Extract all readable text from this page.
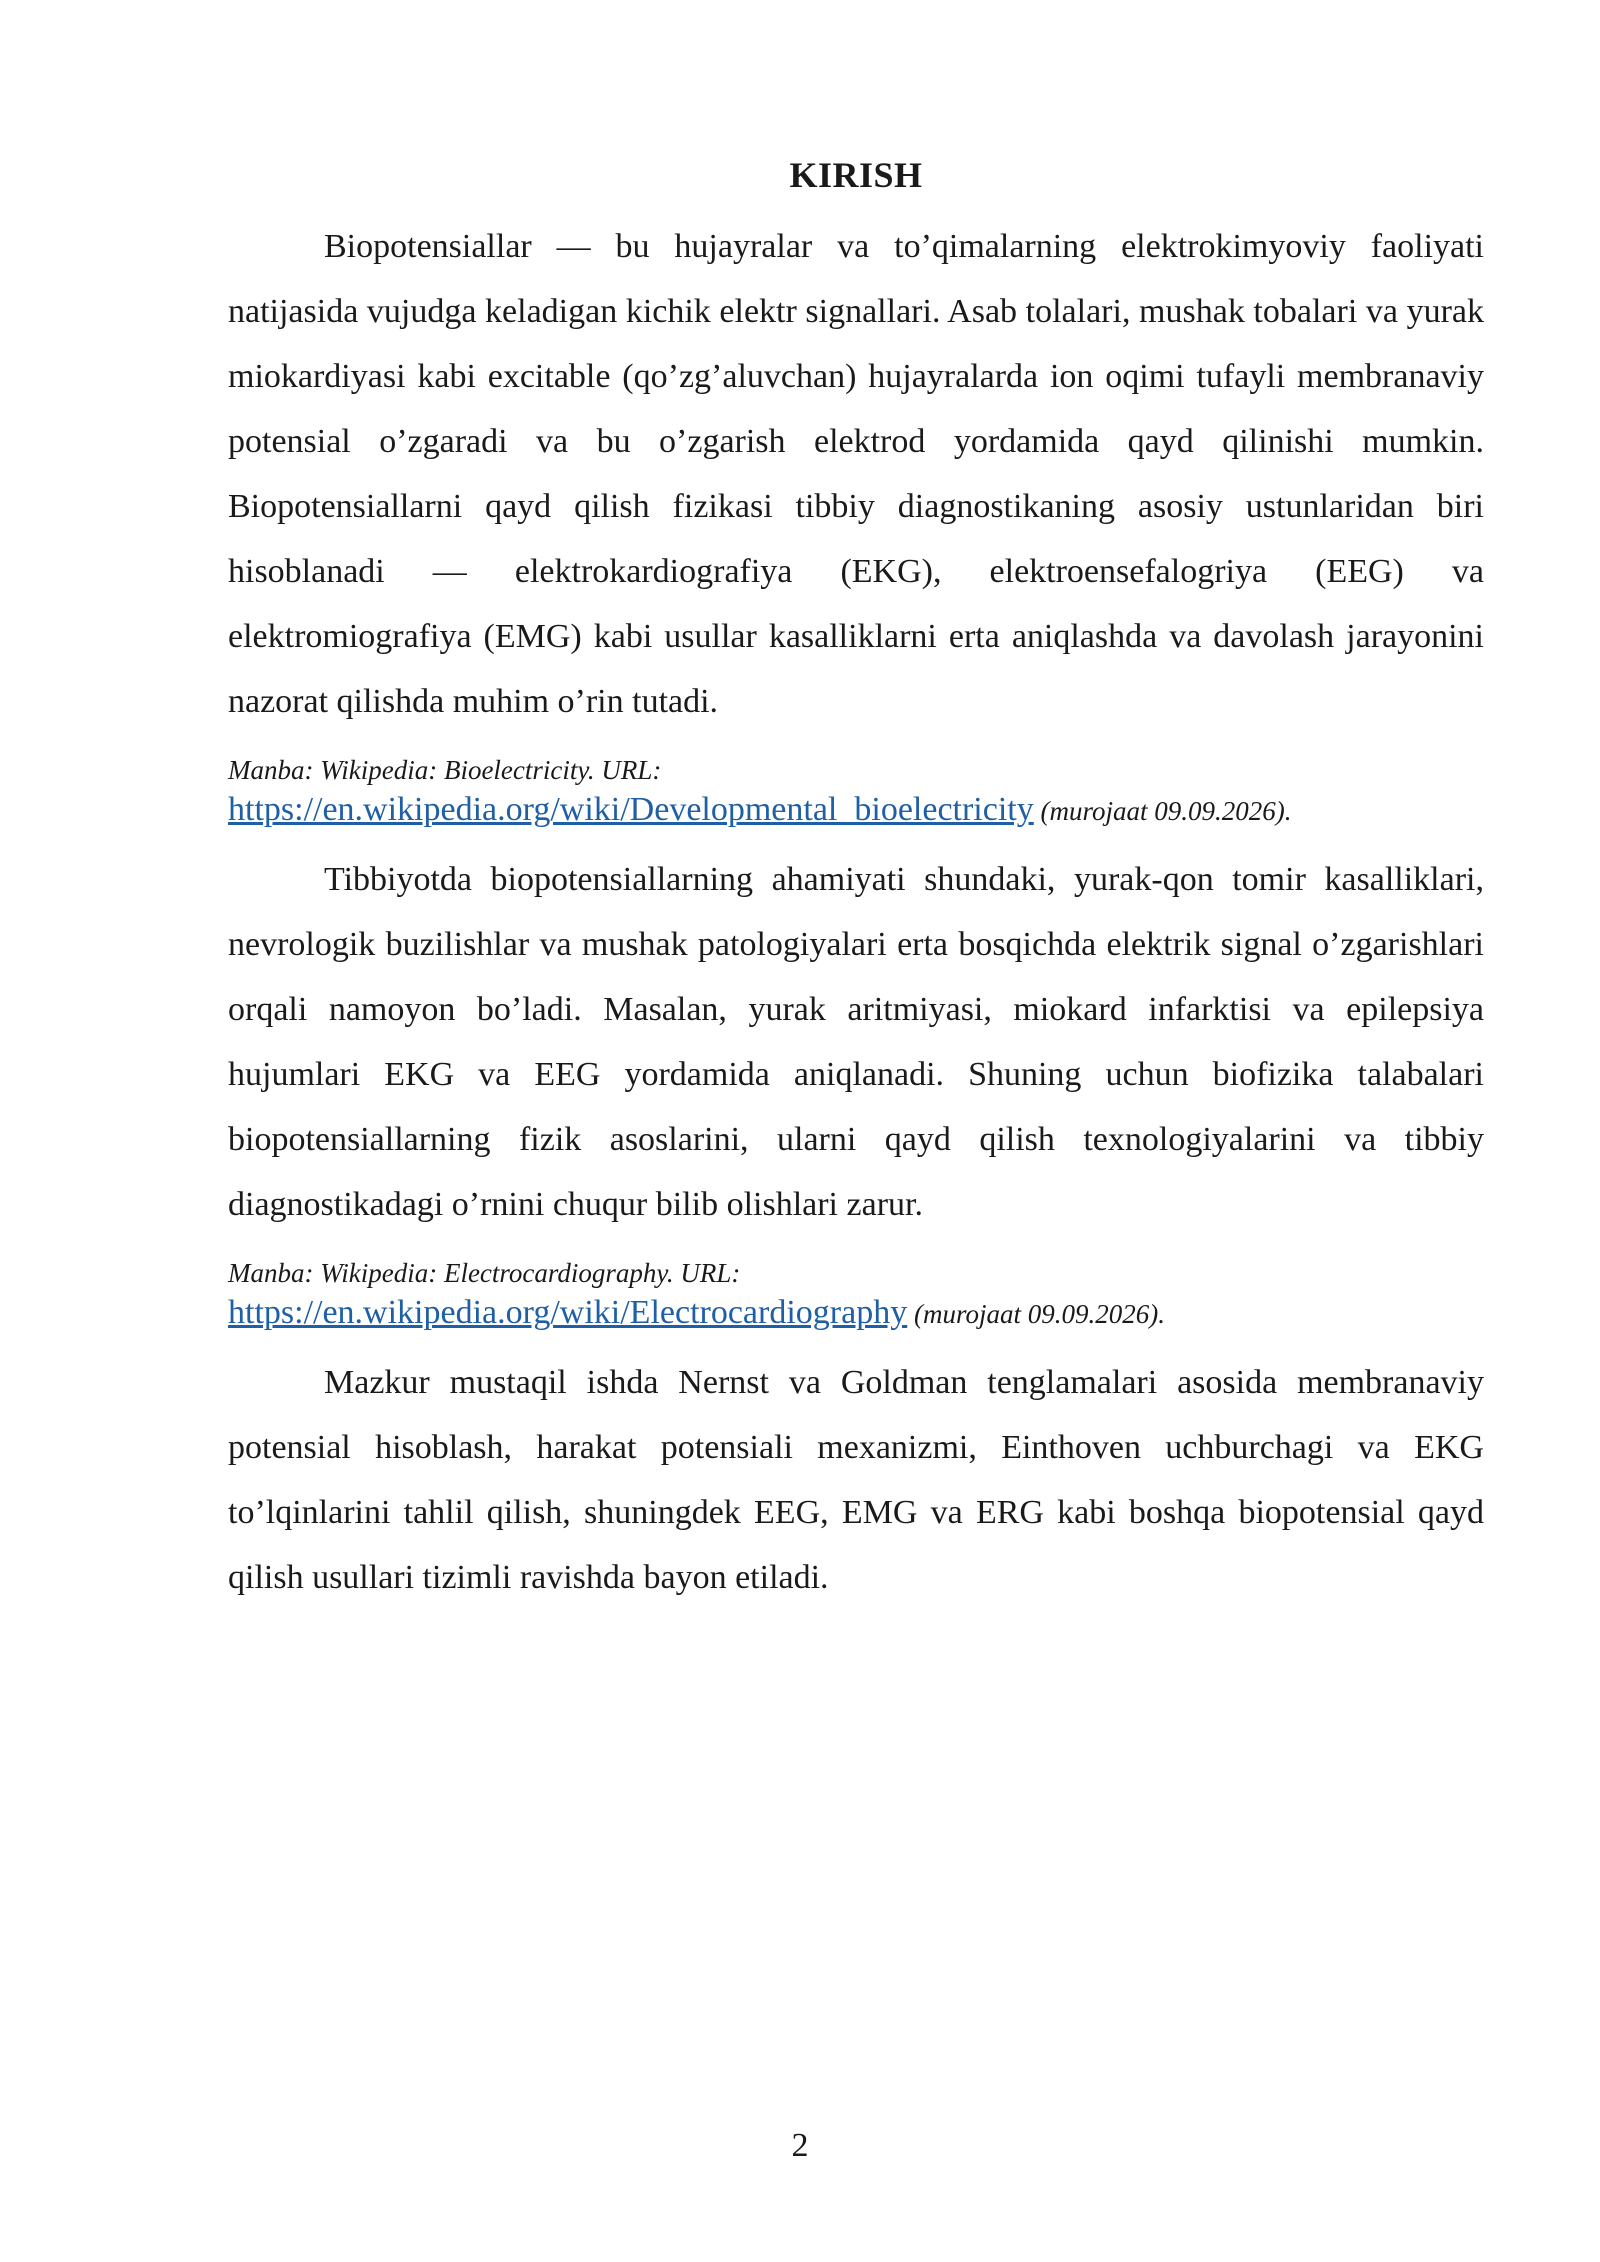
KIRISH

Biopotensiallar — bu hujayralar va to’qimalarning elektrokimyoviy faoliyati natijasida vujudga keladigan kichik elektr signallari. Asab tolalari, mushak tobalari va yurak miokardiyasi kabi excitable (qo’zg’aluvchan) hujayralarda ion oqimi tufayli membranaviy potensial o’zgaradi va bu o’zgarish elektrod yordamida qayd qilinishi mumkin. Biopotensiallarni qayd qilish fizikasi tibbiy diagnostikaning asosiy ustunlaridan biri hisoblanadi — elektrokardiografiya (EKG), elektroensefalogriya (EEG) va elektromiografiya (EMG) kabi usullar kasalliklarni erta aniqlashda va davolash jarayonini nazorat qilishda muhim o’rin tutadi.

Manba: Wikipedia: Bioelectricity. URL:
https://en.wikipedia.org/wiki/Developmental_bioelectricity (murojaat 09.09.2026).

Tibbiyotda biopotensiallarning ahamiyati shundaki, yurak-qon tomir kasalliklari, nevrologik buzilishlar va mushak patologiyalari erta bosqichda elektrik signal o’zgarishlari orqali namoyon bo’ladi. Masalan, yurak aritmiyasi, miokard infarktisi va epilepsiya hujumlari EKG va EEG yordamida aniqlanadi. Shuning uchun biofizika talabalari biopotensiallarning fizik asoslarini, ularni qayd qilish texnologiyalarini va tibbiy diagnostikadagi o’rnini chuqur bilib olishlari zarur.

Manba: Wikipedia: Electrocardiography. URL:
https://en.wikipedia.org/wiki/Electrocardiography (murojaat 09.09.2026).

Mazkur mustaqil ishda Nernst va Goldman tenglamalari asosida membranaviy potensial hisoblash, harakat potensiali mexanizmi, Einthoven uchburchagi va EKG to’lqinlarini tahlil qilish, shuningdek EEG, EMG va ERG kabi boshqa biopotensial qayd qilish usullari tizimli ravishda bayon etiladi.

2
